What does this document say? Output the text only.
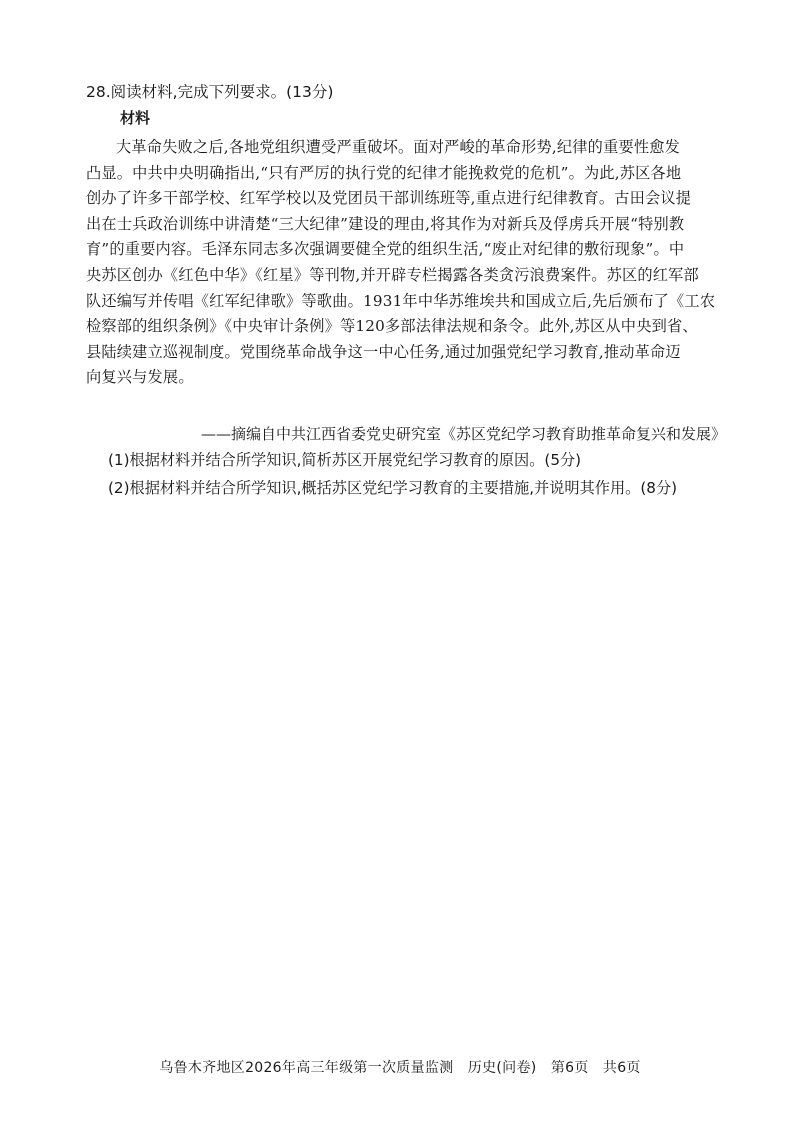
28.阅读材料,完成下列要求。(13分)
材料
大革命失败之后,各地党组织遭受严重破坏。面对严峻的革命形势,纪律的重要性愈发
凸显。中共中央明确指出,“只有严厉的执行党的纪律才能挽救党的危机”。为此,苏区各地
创办了许多干部学校、红军学校以及党团员干部训练班等,重点进行纪律教育。古田会议提
出在士兵政治训练中讲清楚“三大纪律”建设的理由,将其作为对新兵及俘虏兵开展“特别教
育”的重要内容。毛泽东同志多次强调要健全党的组织生活,“废止对纪律的敷衍现象”。中
央苏区创办《红色中华》《红星》等刊物,并开辟专栏揭露各类贪污浪费案件。苏区的红军部
队还编写并传唱《红军纪律歌》等歌曲。1931年中华苏维埃共和国成立后,先后颁布了《工农
检察部的组织条例》《中央审计条例》等120多部法律法规和条令。此外,苏区从中央到省、
县陆续建立巡视制度。党围绕革命战争这一中心任务,通过加强党纪学习教育,推动革命迈
向复兴与发展。
——摘编自中共江西省委党史研究室《苏区党纪学习教育助推革命复兴和发展》
(1)根据材料并结合所学知识,简析苏区开展党纪学习教育的原因。(5分)
(2)根据材料并结合所学知识,概括苏区党纪学习教育的主要措施,并说明其作用。(8分)
乌鲁木齐地区2026年高三年级第一次质量监测　历史(问卷)　第6页　共6页
